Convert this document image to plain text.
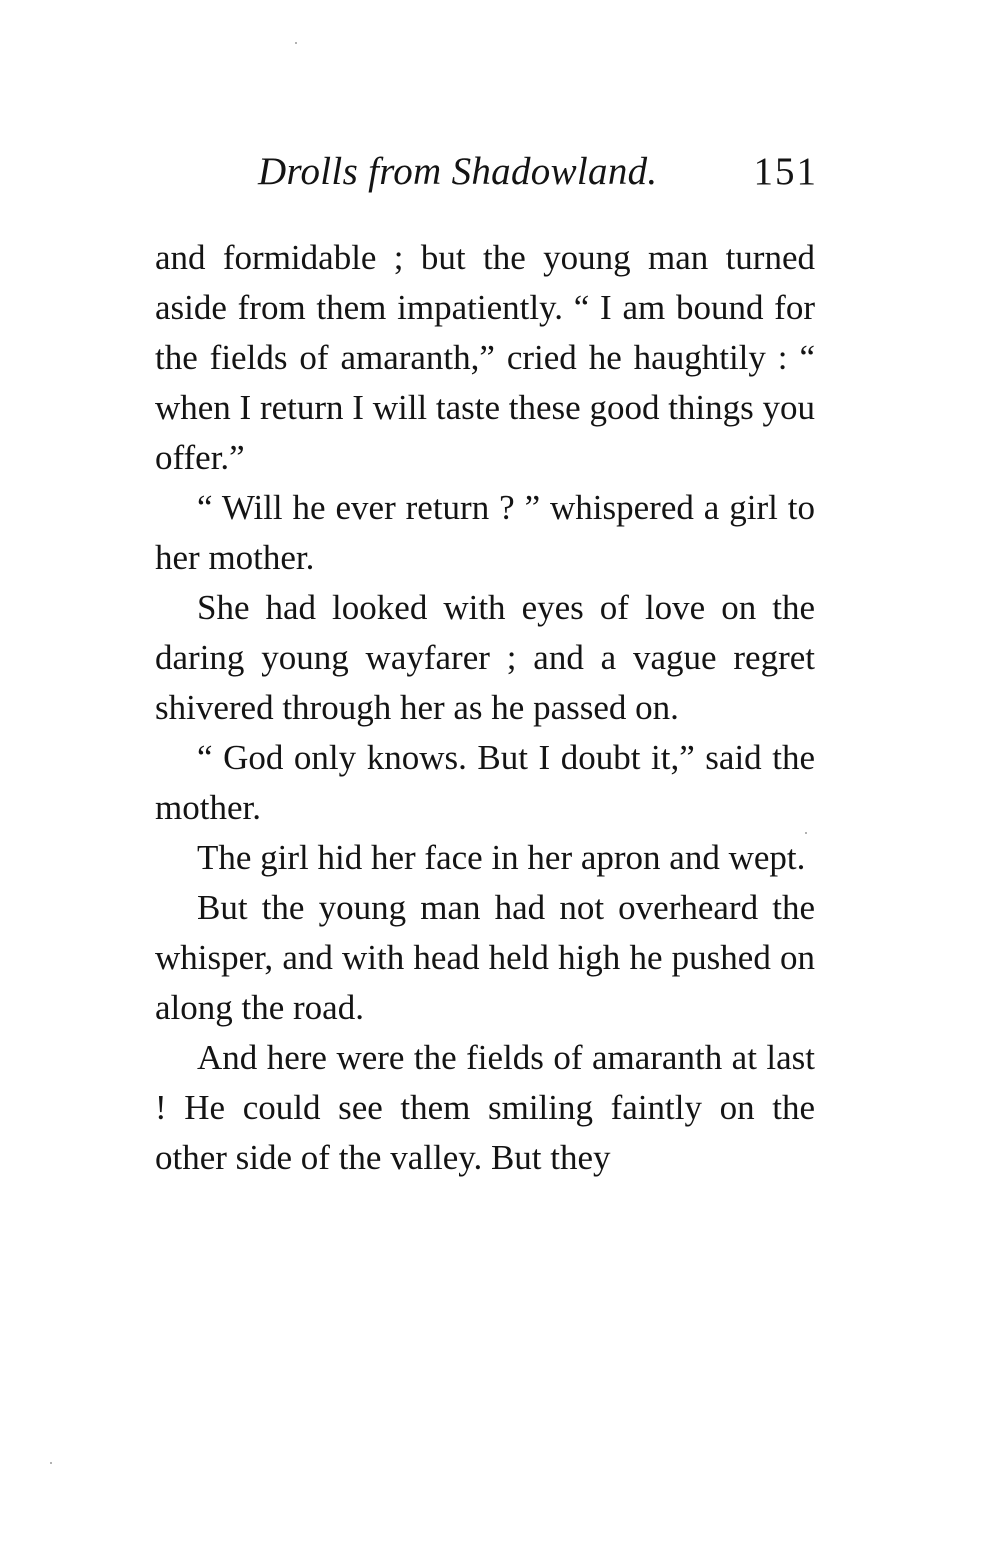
Drolls from Shadowland. 151

and formidable ; but the young man turned aside from them impatiently. “ I am bound for the fields of amaranth,” cried he haughtily : “ when I return I will taste these good things you offer.”

“ Will he ever return ? ” whispered a girl to her mother.

She had looked with eyes of love on the daring young wayfarer ; and a vague regret shivered through her as he passed on.

“ God only knows. But I doubt it,” said the mother.

The girl hid her face in her apron and wept.

But the young man had not overheard the whisper, and with head held high he pushed on along the road.

And here were the fields of amaranth at last ! He could see them smiling faintly on the other side of the valley. But they
